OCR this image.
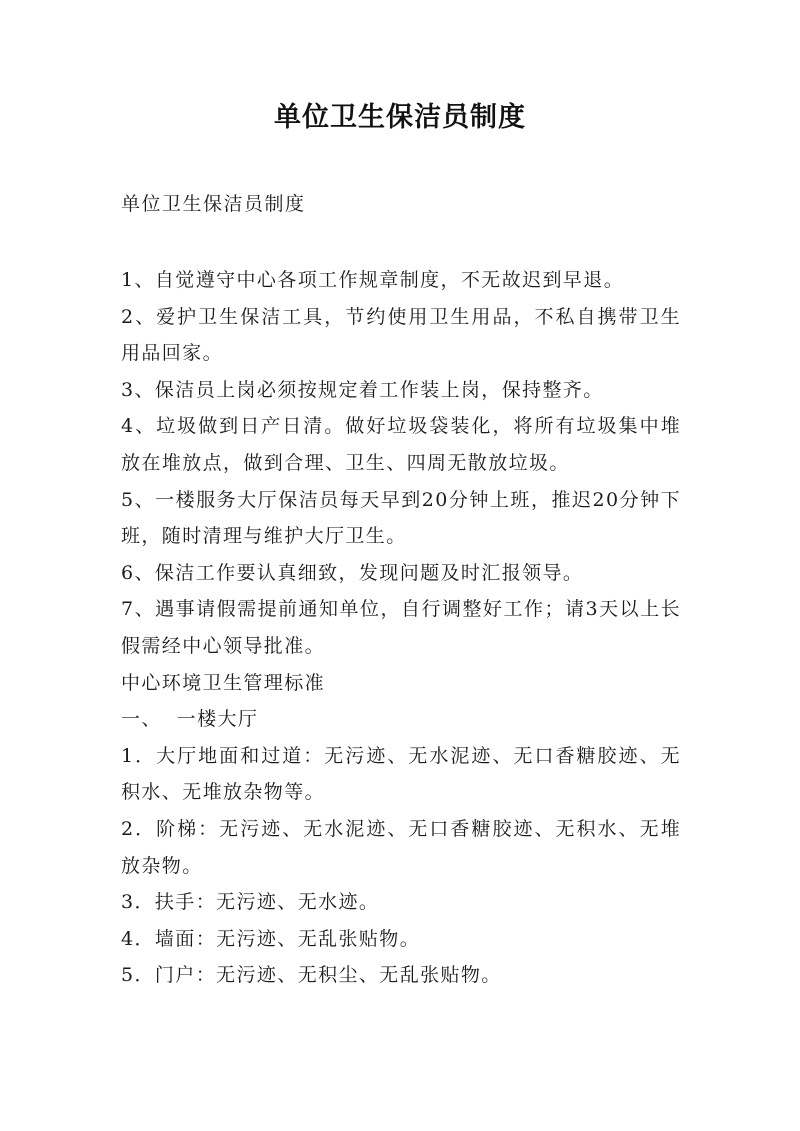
单位卫生保洁员制度

单位卫生保洁员制度

1、自觉遵守中心各项工作规章制度，不无故迟到早退。

2、爱护卫生保洁工具，节约使用卫生用品，不私自携带卫生用品回家。

3、保洁员上岗必须按规定着工作装上岗，保持整齐。

4、垃圾做到日产日清。做好垃圾袋装化，将所有垃圾集中堆放在堆放点，做到合理、卫生、四周无散放垃圾。

5、一楼服务大厅保洁员每天早到20分钟上班，推迟20分钟下班，随时清理与维护大厅卫生。

6、保洁工作要认真细致，发现问题及时汇报领导。

7、遇事请假需提前通知单位，自行调整好工作；请3天以上长假需经中心领导批准。

中心环境卫生管理标准

一、  一楼大厅

1．大厅地面和过道：无污迹、无水泥迹、无口香糖胶迹、无积水、无堆放杂物等。

2．阶梯：无污迹、无水泥迹、无口香糖胶迹、无积水、无堆放杂物。

3．扶手：无污迹、无水迹。

4．墙面：无污迹、无乱张贴物。

5．门户：无污迹、无积尘、无乱张贴物。
